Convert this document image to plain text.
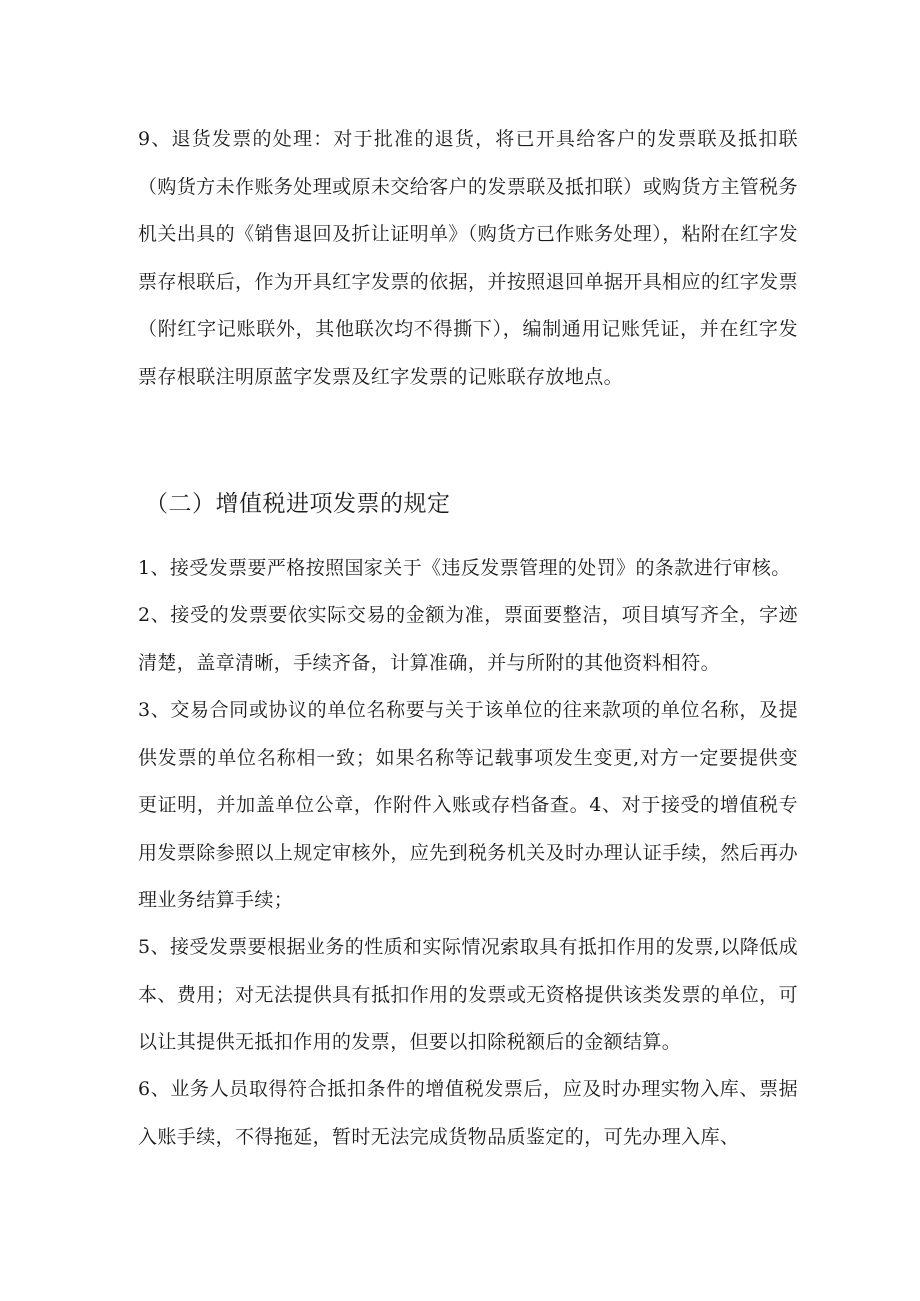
9、退货发票的处理：对于批准的退货，将已开具给客户的发票联及抵扣联（购货方未作账务处理或原未交给客户的发票联及抵扣联）或购货方主管税务机关出具的《销售退回及折让证明单》（购货方已作账务处理），粘附在红字发票存根联后，作为开具红字发票的依据，并按照退回单据开具相应的红字发票（附红字记账联外，其他联次均不得撕下），编制通用记账凭证，并在红字发票存根联注明原蓝字发票及红字发票的记账联存放地点。

（二）增值税进项发票的规定

1、接受发票要严格按照国家关于《违反发票管理的处罚》的条款进行审核。

2、接受的发票要依实际交易的金额为准，票面要整洁，项目填写齐全，字迹清楚，盖章清晰，手续齐备，计算准确，并与所附的其他资料相符。

3、交易合同或协议的单位名称要与关于该单位的往来款项的单位名称，及提供发票的单位名称相一致；如果名称等记载事项发生变更,对方一定要提供变更证明，并加盖单位公章，作附件入账或存档备查。4、对于接受的增值税专用发票除参照以上规定审核外，应先到税务机关及时办理认证手续，然后再办理业务结算手续；

5、接受发票要根据业务的性质和实际情况索取具有抵扣作用的发票,以降低成本、费用；对无法提供具有抵扣作用的发票或无资格提供该类发票的单位，可以让其提供无抵扣作用的发票，但要以扣除税额后的金额结算。

6、业务人员取得符合抵扣条件的增值税发票后，应及时办理实物入库、票据入账手续，不得拖延，暂时无法完成货物品质鉴定的，可先办理入库、
